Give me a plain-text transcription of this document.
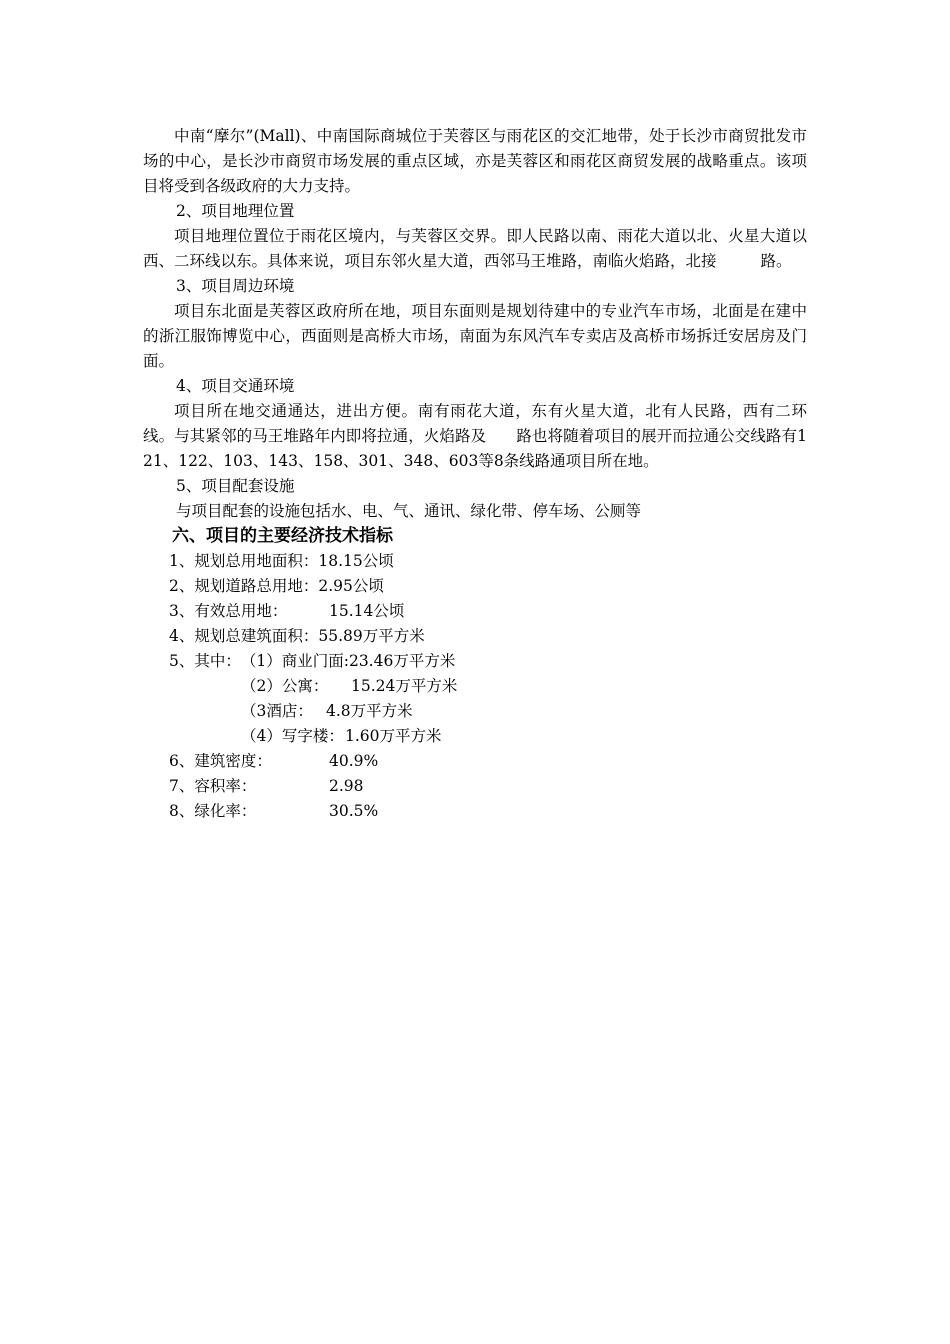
中南“摩尔”(Mall)、中南国际商城位于芙蓉区与雨花区的交汇地带，处于长沙市商贸批发市场的中心，是长沙市商贸市场发展的重点区域，亦是芙蓉区和雨花区商贸发展的战略重点。该项目将受到各级政府的大力支持。

2、项目地理位置

项目地理位置位于雨花区境内，与芙蓉区交界。即人民路以南、雨花大道以北、火星大道以西、二环线以东。具体来说，项目东邻火星大道，西邻马王堆路，南临火焰路，北接	路。

3、项目周边环境

项目东北面是芙蓉区政府所在地，项目东面则是规划待建中的专业汽车市场，北面是在建中的浙江服饰博览中心，西面则是高桥大市场，南面为东风汽车专卖店及高桥市场拆迁安居房及门面。

4、项目交通环境

项目所在地交通通达，进出方便。南有雨花大道，东有火星大道，北有人民路，西有二环线。与其紧邻的马王堆路年内即将拉通，火焰路及 路也将随着项目的展开而拉通公交线路有121、122、103、143、158、301、348、603等8条线路通项目所在地。

5、项目配套设施

与项目配套的设施包括水、电、气、通讯、绿化带、停车场、公厕等

六、项目的主要经济技术指标

1、规划总用地面积： 18.15公顷
2、规划道路总用地： 2.95公顷
3、有效总用地：	15.14公顷
4、规划总建筑面积： 55.89万平方米
5、其中： （1）商业门面:23.46万平方米
（2）公寓：	15.24万平方米
（3酒店： 4.8万平方米
（4）写字楼： 1.60万平方米
6、建筑密度：	40.9%
7、容积率：	2.98
8、绿化率：	30.5%
